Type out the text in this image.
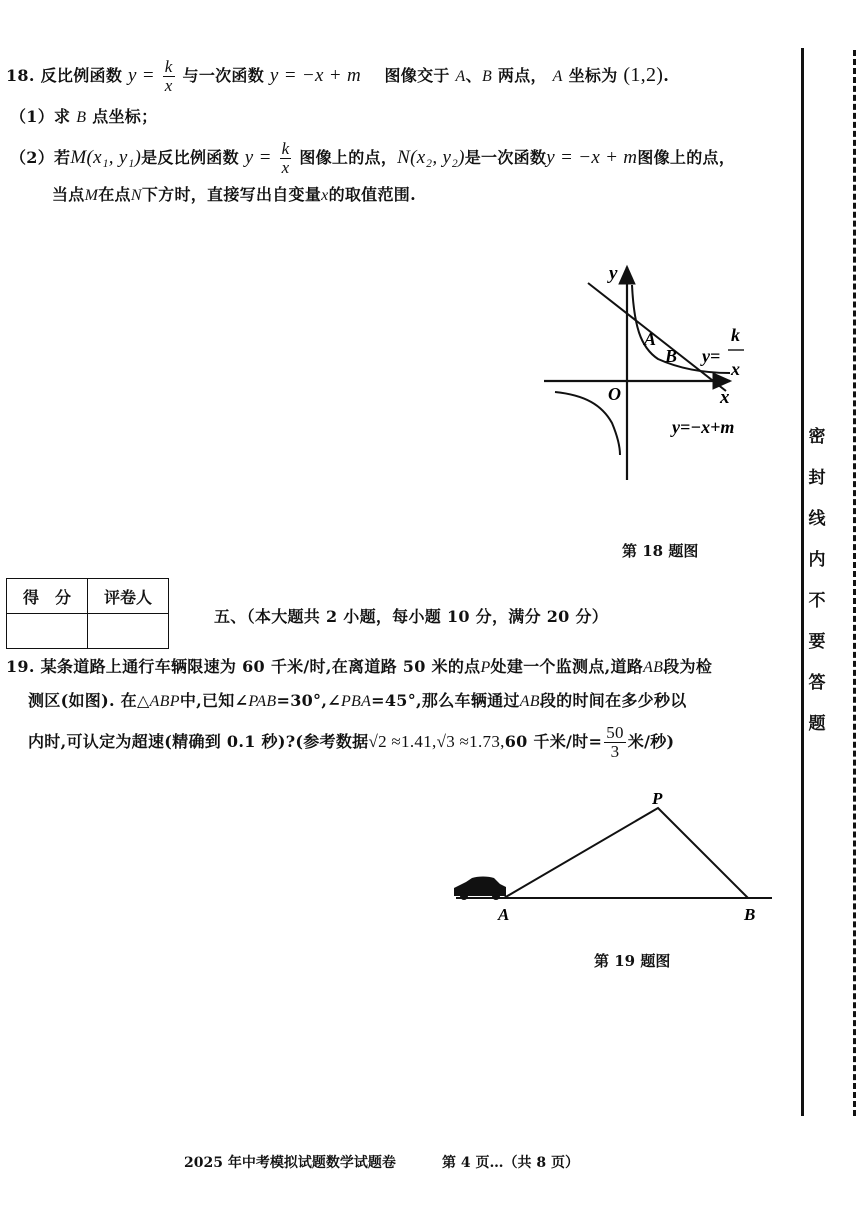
密
封
线
内
不
要
答
题
18. 反比例函数 $y = \frac{k}{x}$ 与一次函数 y = −x + m 图像交于 A、B 两点， A 坐标为 (1,2).
（1）求 B 点坐标；
（2）若M(x₁, y₁)是反比例函数 $y = \frac{k}{x}$ 图像上的点，N(x₂, y₂)是一次函数y = −x + m图像上的点，
当点M在点N下方时，直接写出自变量x的取值范围.
y
x
O
A
B y=
k
x
y=−x+m
第 18 题图
得　分	评卷人

五、（本大题共 2 小题，每小题 10 分，满分 20 分）
19. 某条道路上通行车辆限速为 60 千米/时,在离道路 50 米的点P处建一个监测点,道路AB段为检
测区(如图). 在△ABP中,已知∠PAB=30°,∠PBA=45°,那么车辆通过AB段的时间在多少秒以
内时,可认定为超速(精确到 0.1 秒)?(参考数据√2 ≈1.41,√3 ≈1.73,60 千米/时= $\frac{50}{3}$ 米/秒)
P
A	B
第 19 题图
2025 年中考模拟试题数学试题卷	第 4 页…（共 8 页）
